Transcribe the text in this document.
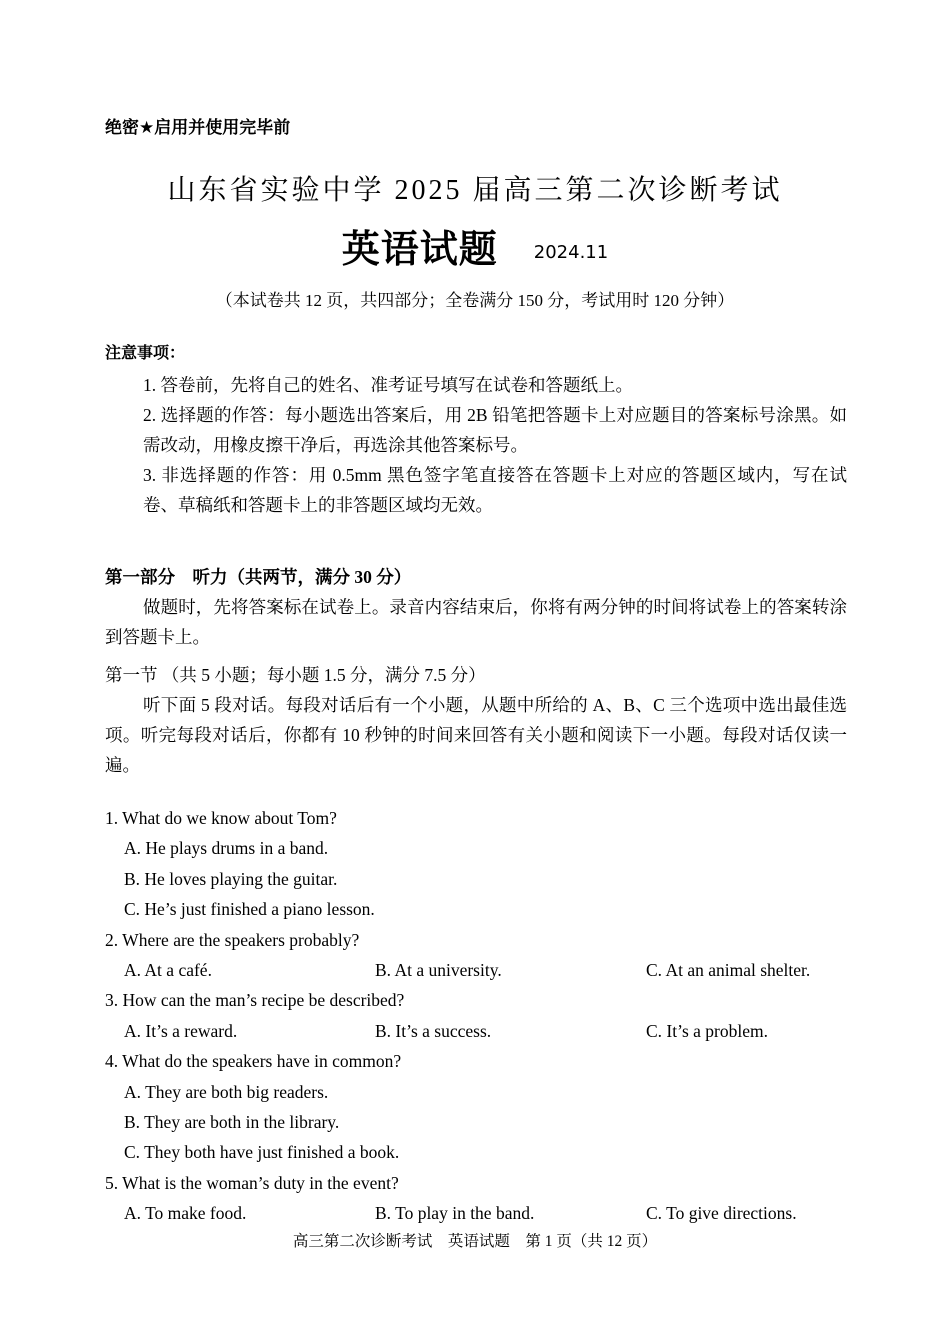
绝密★启用并使用完毕前
山东省实验中学 2025 届高三第二次诊断考试
英语试题 2024.11
（本试卷共 12 页，共四部分；全卷满分 150 分，考试用时 120 分钟）
注意事项：
1. 答卷前，先将自己的姓名、准考证号填写在试卷和答题纸上。
2. 选择题的作答：每小题选出答案后，用 2B 铅笔把答题卡上对应题目的答案标号涂黑。如需改动，用橡皮擦干净后，再选涂其他答案标号。
3. 非选择题的作答：用 0.5mm 黑色签字笔直接答在答题卡上对应的答题区域内，写在试卷、草稿纸和答题卡上的非答题区域均无效。
第一部分　听力（共两节，满分 30 分）
做题时，先将答案标在试卷上。录音内容结束后，你将有两分钟的时间将试卷上的答案转涂到答题卡上。
第一节 （共 5 小题；每小题 1.5 分，满分 7.5 分）
听下面 5 段对话。每段对话后有一个小题，从题中所给的 A、B、C 三个选项中选出最佳选项。听完每段对话后，你都有 10 秒钟的时间来回答有关小题和阅读下一小题。每段对话仅读一遍。
1. What do we know about Tom?
A. He plays drums in a band.
B. He loves playing the guitar.
C. He’s just finished a piano lesson.
2. Where are the speakers probably?
A. At a café.	B. At a university.	C. At an animal shelter.
3. How can the man’s recipe be described?
A. It’s a reward.	B. It’s a success.	C. It’s a problem.
4. What do the speakers have in common?
A. They are both big readers.
B. They are both in the library.
C. They both have just finished a book.
5. What is the woman’s duty in the event?
A. To make food.	B. To play in the band.	C. To give directions.
高三第二次诊断考试　英语试题　第 1 页（共 12 页）
